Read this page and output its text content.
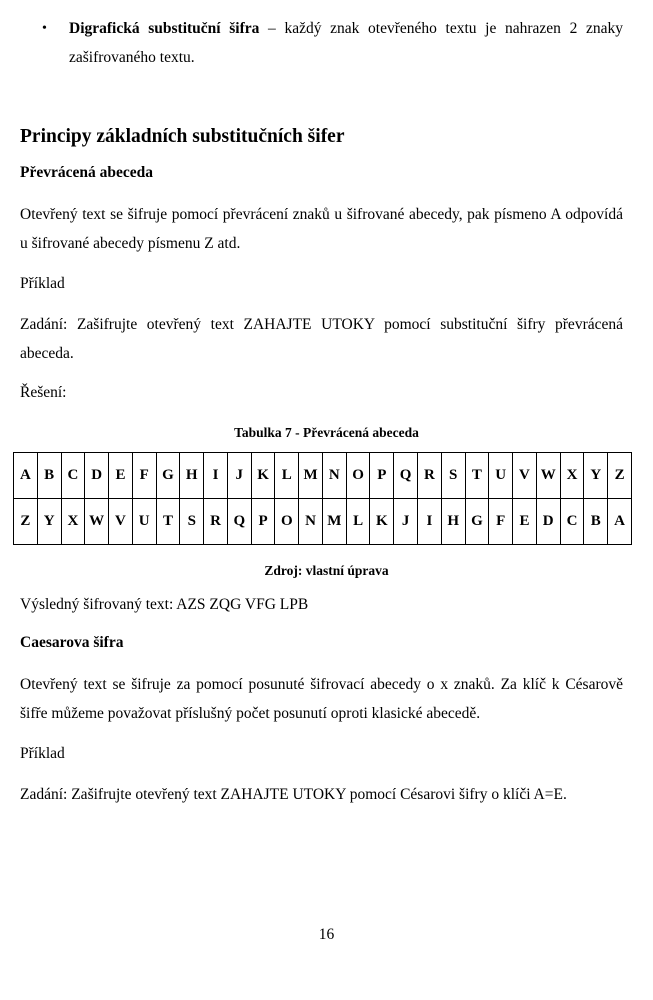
• Digrafická substituční šifra – každý znak otevřeného textu je nahrazen 2 znaky zašifrovaného textu.
Principy základních substitučních šifer
Převrácená abeceda

Otevřený text se šifruje pomocí převrácení znaků u šifrované abecedy, pak písmeno A odpovídá u šifrované abecedy písmenu Z atd.

Příklad

Zadání: Zašifrujte otevřený text ZAHAJTE UTOKY pomocí substituční šifry převrácená abeceda.

Řešení:

Tabulka 7 - Převrácená abeceda
A	B	C	D	E	F	G	H	I	J	K	L	M	N	O	P	Q	R	S	T	U	V	W	X	Y	Z
Z	Y	X	W	V	U	T	S	R	Q	P	O	N	M	L	K	J	I	H	G	F	E	D	C	B	A
Zdroj: vlastní úprava

Výsledný šifrovaný text: AZS ZQG VFG LPB

Caesarova šifra

Otevřený text se šifruje za pomocí posunuté šifrovací abecedy o x znaků. Za klíč k Césarově šifře můžeme považovat příslušný počet posunutí oproti klasické abecedě.

Příklad

Zadání: Zašifrujte otevřený text ZAHAJTE UTOKY pomocí Césarovi šifry o klíči A=E.

16
